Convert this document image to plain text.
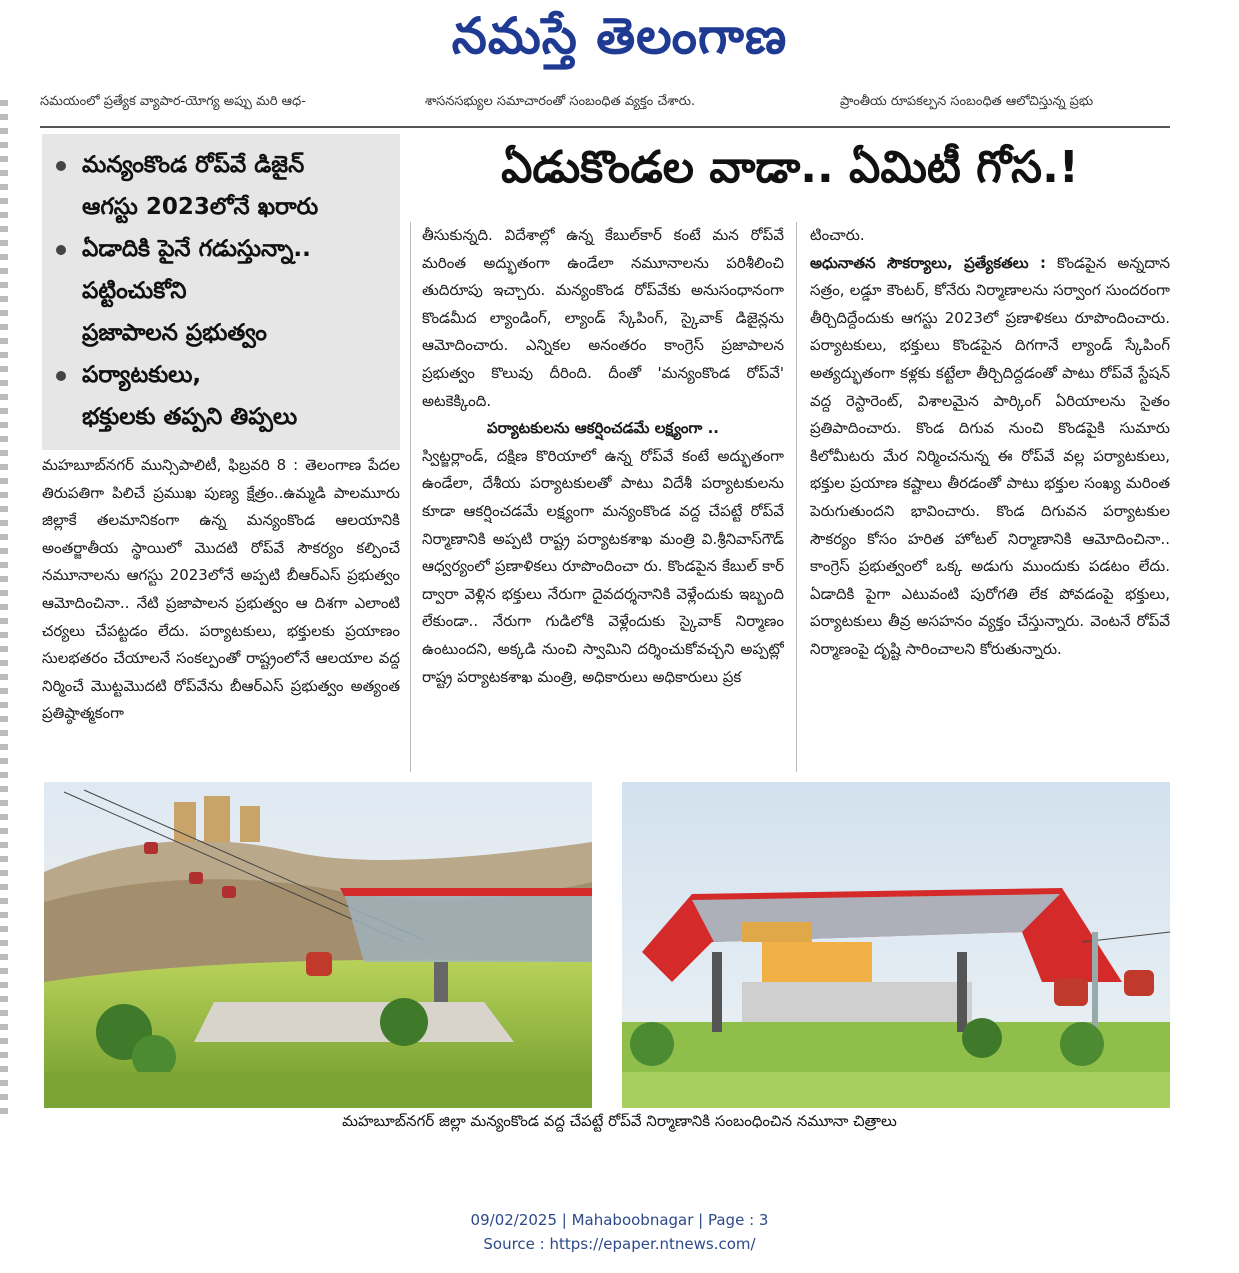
నమస్తే తెలంగాణ
సమయంలో ప్రత్యేక వ్యాపార-యోగ్య అప్పు మరి ఆధ-	శాసనసభ్యుల సమాచారంతో సంబంధిత వ్యక్తం చేశారు.	ప్రాంతీయ రూపకల్పన సంబంధిత ఆలోచిస్తున్న ప్రభు
మన్యంకొండ రోప్‌వే డిజైన్
ఆగస్టు 2023లోనే ఖరారు
ఏడాదికి పైనే గడుస్తున్నా..
పట్టించుకోని
ప్రజాపాలన ప్రభుత్వం
పర్యాటకులు,
భక్తులకు తప్పని తిప్పలు
ఏడుకొండల వాడా.. ఏమిటీ గోస.!

మహబూబ్‌నగర్ మున్సిపాలిటీ, ఫిబ్రవరి 8 : తెలంగాణ పేదల తిరుపతిగా పిలిచే ప్రముఖ పుణ్య క్షేత్రం..ఉమ్మడి పాలమూరు జిల్లాకే తలమానికంగా ఉన్న మన్యంకొండ ఆలయానికి అంతర్జాతీయ స్థాయిలో మొదటి రోప్‌వే సౌకర్యం కల్పించే నమూనాలను ఆగస్టు 2023లోనే అప్పటి బీఆర్‌ఎస్ ప్రభుత్వం ఆమోదించినా.. నేటి ప్రజాపాలన ప్రభుత్వం ఆ దిశగా ఎలాంటి చర్యలు చేపట్టడం లేదు. పర్యాటకులు, భక్తులకు ప్రయాణం సులభతరం చేయాలనే సంకల్పంతో రాష్ట్రంలోనే ఆలయాల వద్ద నిర్మించే మొట్టమొదటి రోప్‌వేను బీఆర్‌ఎస్ ప్రభుత్వం అత్యంత ప్రతిష్ఠాత్మకంగా

తీసుకున్నది. విదేశాల్లో ఉన్న కేబుల్‌కార్ కంటే మన రోప్‌వే మరింత అద్భుతంగా ఉండేలా నమూనాలను పరిశీలించి తుదిరూపు ఇచ్చారు. మన్యంకొండ రోప్‌వేకు అనుసంధానంగా కొండమీద ల్యాండింగ్, ల్యాండ్ స్కేపింగ్, స్కైవాక్ డిజైన్లను ఆమోదించారు. ఎన్నికల అనంతరం కాంగ్రెస్ ప్రజాపాలన ప్రభుత్వం కొలువు దీరింది. దీంతో 'మన్యంకొండ రోప్‌వే' అటకెక్కింది.

పర్యాటకులను ఆకర్షించడమే లక్ష్యంగా ..

స్విట్జర్లాండ్, దక్షిణ కొరియాలో ఉన్న రోప్‌వే కంటే అద్భుతంగా ఉండేలా, దేశీయ పర్యాటకులతో పాటు విదేశీ పర్యాటకులను కూడా ఆకర్షించడమే లక్ష్యంగా మన్యంకొండ వద్ద చేపట్టే రోప్‌వే నిర్మాణానికి అప్పటి రాష్ట్ర పర్యాటకశాఖ మంత్రి వి.శ్రీనివాస్‌గౌడ్ ఆధ్వర్యంలో ప్రణాళికలు రూపొందించా రు. కొండపైన కేబుల్ కార్ ద్వారా వెళ్లిన భక్తులు నేరుగా దైవదర్శనానికి వెళ్లేందుకు ఇబ్బంది లేకుండా.. నేరుగా గుడిలోకి వెళ్లేందుకు స్కైవాక్ నిర్మాణం ఉంటుందని, అక్కడి నుంచి స్వామిని దర్శించుకోవచ్చని అప్పట్లో రాష్ట్ర పర్యాటకశాఖ మంత్రి, అధికారులు అధికారులు ప్రక

టించారు.

అధునాతన సౌకర్యాలు, ప్రత్యేకతలు : కొండపైన అన్నదాన సత్రం, లడ్డూ కౌంటర్, కోనేరు నిర్మాణాలను సర్వాంగ సుందరంగా తీర్చిదిద్దేందుకు ఆగస్టు 2023లో ప్రణాళికలు రూపొందించారు. పర్యాటకులు, భక్తులు కొండపైన దిగగానే ల్యాండ్ స్కేపింగ్ అత్యద్భుతంగా కళ్లకు కట్టేలా తీర్చిదిద్దడంతో పాటు రోప్‌వే స్టేషన్ వద్ద రెస్టారెంట్, విశాలమైన పార్కింగ్ ఏరియాలను సైతం ప్రతిపాదించారు. కొండ దిగువ నుంచి కొండపైకి సుమారు కిలోమీటరు మేర నిర్మించనున్న ఈ రోప్‌వే వల్ల పర్యాటకులు, భక్తుల ప్రయాణ కష్టాలు తీరడంతో పాటు భక్తుల సంఖ్య మరింత పెరుగుతుందని భావించారు. కొండ దిగువన పర్యాటకుల సౌకర్యం కోసం హరిత హోటల్ నిర్మాణానికి ఆమోదించినా.. కాంగ్రెస్ ప్రభుత్వంలో ఒక్క అడుగు ముందుకు పడటం లేదు. ఏడాదికి పైగా ఎటువంటి పురోగతి లేక పోవడంపై భక్తులు, పర్యాటకులు తీవ్ర అసహనం వ్యక్తం చేస్తున్నారు. వెంటనే రోప్‌వే నిర్మాణంపై దృష్టి సారించాలని కోరుతున్నారు.

మహబూబ్‌నగర్ జిల్లా మన్యంకొండ వద్ద చేపట్టే రోప్‌వే నిర్మాణానికి సంబంధించిన నమూనా చిత్రాలు
09/02/2025 | Mahaboobnagar | Page : 3
Source : https://epaper.ntnews.com/
